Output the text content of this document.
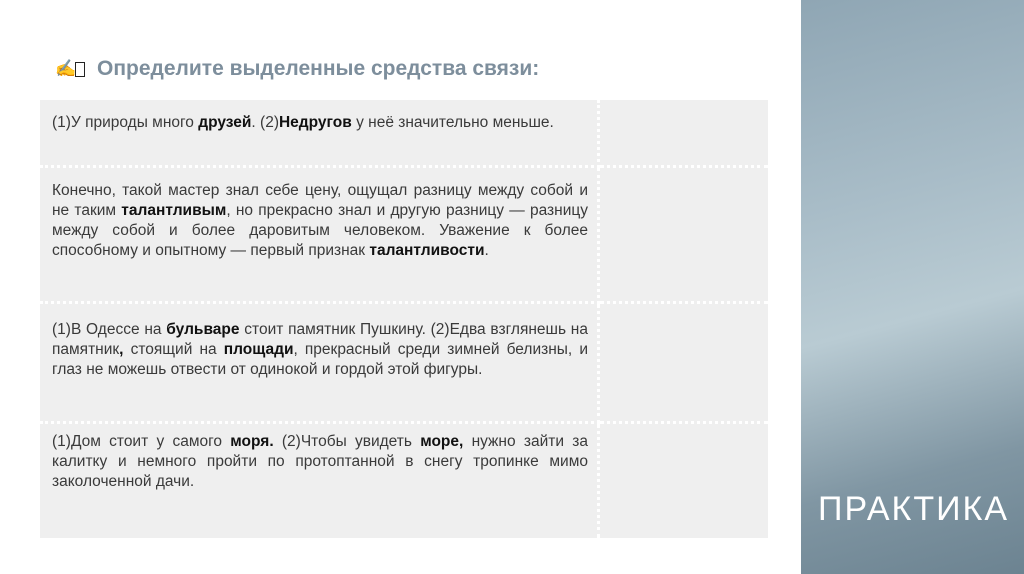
✍ Определите выделенные средства связи:
(1)У природы много друзей. (2)Недругов у неё значительно меньше.
Конечно, такой мастер знал себе цену, ощущал разницу между собой и не таким талантливым, но прекрасно знал и другую разницу — разницу между собой и более даровитым человеком. Уважение к более способному и опытному — первый признак талантливости.
(1)В Одессе на бульваре стоит памятник Пушкину. (2)Едва взглянешь на памятник, стоящий на площади, прекрасный среди зимней белизны, и глаз не можешь отвести от одинокой и гордой этой фигуры.
(1)Дом стоит у самого моря. (2)Чтобы увидеть море, нужно зайти за калитку и немного пройти по протоптанной в снегу тропинке мимо заколоченной дачи.
ПРАКТИКА
